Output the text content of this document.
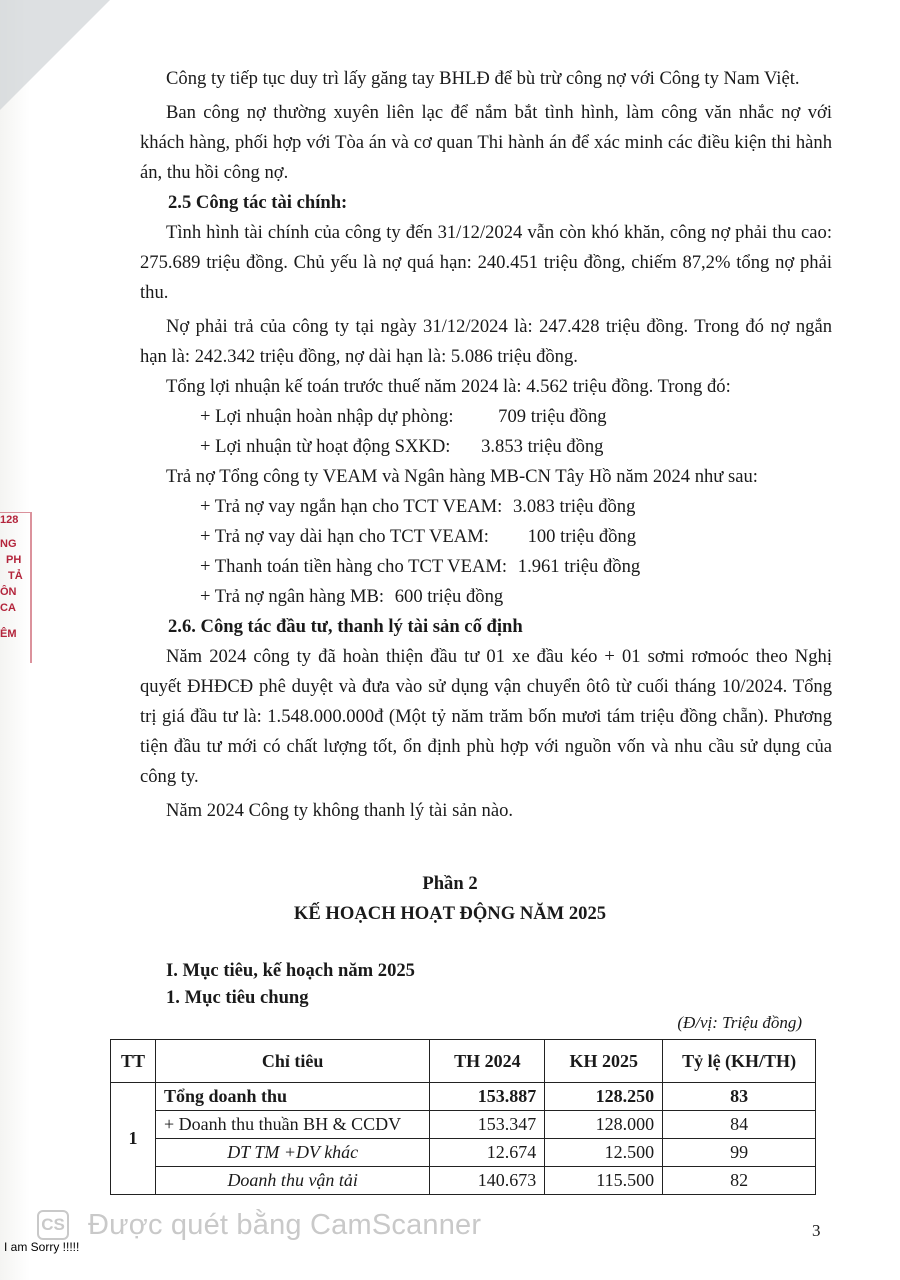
128
NG
PH
TẢ
ÔN
CA
ÊM

Công ty tiếp tục duy trì lấy găng tay BHLĐ để bù trừ công nợ với Công ty Nam Việt.

Ban công nợ thường xuyên liên lạc để nắm bắt tình hình, làm công văn nhắc nợ với khách hàng, phối hợp với Tòa án và cơ quan Thi hành án để xác minh các điều kiện thi hành án, thu hồi công nợ.

2.5 Công tác tài chính:

Tình hình tài chính của công ty đến 31/12/2024 vẫn còn khó khăn, công nợ phải thu cao: 275.689 triệu đồng. Chủ yếu là nợ quá hạn: 240.451 triệu đồng, chiếm 87,2% tổng nợ phải thu.

Nợ phải trả của công ty tại ngày 31/12/2024 là: 247.428 triệu đồng. Trong đó nợ ngắn hạn là: 242.342 triệu đồng, nợ dài hạn là: 5.086 triệu đồng.

Tổng lợi nhuận kế toán trước thuế năm 2024 là: 4.562 triệu đồng. Trong đó:

+ Lợi nhuận hoàn nhập dự phòng: 709 triệu đồng
+ Lợi nhuận từ hoạt động SXKD: 3.853 triệu đồng

Trả nợ Tổng công ty VEAM và Ngân hàng MB-CN Tây Hồ năm 2024 như sau:

+ Trả nợ vay ngắn hạn cho TCT VEAM: 3.083 triệu đồng
+ Trả nợ vay dài hạn cho TCT VEAM: 100 triệu đồng
+ Thanh toán tiền hàng cho TCT VEAM: 1.961 triệu đồng
+ Trả nợ ngân hàng MB: 600 triệu đồng

2.6. Công tác đầu tư, thanh lý tài sản cố định

Năm 2024 công ty đã hoàn thiện đầu tư 01 xe đầu kéo + 01 sơmi rơmoóc theo Nghị quyết ĐHĐCĐ phê duyệt và đưa vào sử dụng vận chuyển ôtô từ cuối tháng 10/2024. Tổng trị giá đầu tư là: 1.548.000.000đ (Một tỷ năm trăm bốn mươi tám triệu đồng chẵn). Phương tiện đầu tư mới có chất lượng tốt, ổn định phù hợp với nguồn vốn và nhu cầu sử dụng của công ty.

Năm 2024 Công ty không thanh lý tài sản nào.

Phần 2
KẾ HOẠCH HOẠT ĐỘNG NĂM 2025
I. Mục tiêu, kế hoạch năm 2025
1. Mục tiêu chung
(Đ/vị: Triệu đồng)
TT	Chỉ tiêu	TH 2024	KH 2025	Tỷ lệ (KH/TH)
1	Tổng doanh thu	153.887	128.250	83
	+ Doanh thu thuần BH & CCDV	153.347	128.000	84
	DT TM +DV khác	12.674	12.500	99
	Doanh thu vận tải	140.673	115.500	82
CS Được quét bằng CamScanner	3
I am Sorry !!!!!
